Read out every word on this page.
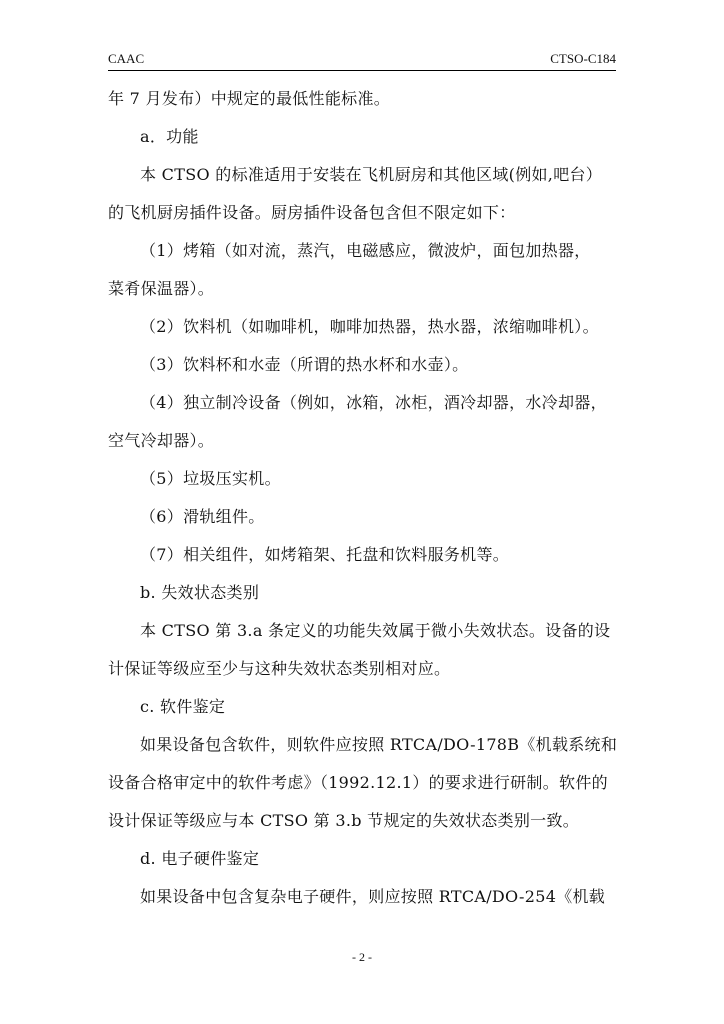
CAAC	CTSO-C184
年 7 月发布）中规定的最低性能标准。
a．功能
本 CTSO 的标准适用于安装在飞机厨房和其他区域(例如,吧台）
的飞机厨房插件设备。厨房插件设备包含但不限定如下：
（1）烤箱（如对流，蒸汽，电磁感应，微波炉，面包加热器，
菜肴保温器）。
（2）饮料机（如咖啡机，咖啡加热器，热水器，浓缩咖啡机）。
（3）饮料杯和水壶（所谓的热水杯和水壶）。
（4）独立制冷设备（例如，冰箱，冰柜，酒冷却器，水冷却器，
空气冷却器）。
（5）垃圾压实机。
（6）滑轨组件。
（7）相关组件，如烤箱架、托盘和饮料服务机等。
b. 失效状态类别
本 CTSO 第 3.a 条定义的功能失效属于微小失效状态。设备的设
计保证等级应至少与这种失效状态类别相对应。
c. 软件鉴定
如果设备包含软件，则软件应按照 RTCA/DO-178B《机载系统和
设备合格审定中的软件考虑》（1992.12.1）的要求进行研制。软件的
设计保证等级应与本 CTSO 第 3.b 节规定的失效状态类别一致。
d. 电子硬件鉴定
如果设备中包含复杂电子硬件，则应按照 RTCA/DO-254《机载
- 2 -
